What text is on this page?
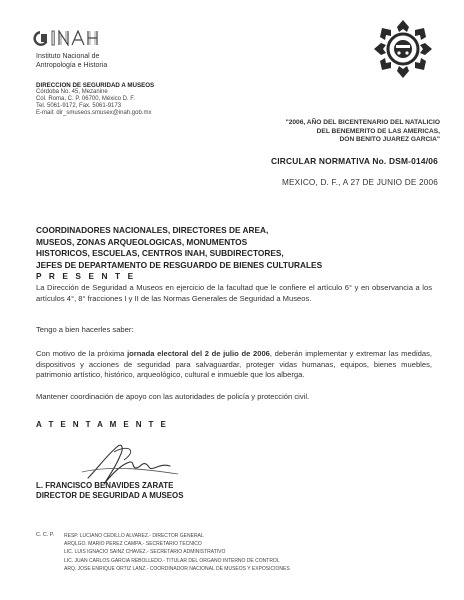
Instituto Nacional de
Antropología e Historia
DIRECCION DE SEGURIDAD A MUSEOS
Córdoba No. 45, Mezanine
Col. Roma, C. P. 06700, México D. F.
Tel. 5061-9172, Fax. 5061-9173
E-mail: dir_smuseos.smusex@inah.gob.mx
"2006, AÑO DEL BICENTENARIO DEL NATALICIO
DEL BENEMERITO DE LAS AMERICAS,
DON BENITO JUAREZ GARCIA"
CIRCULAR NORMATIVA No. DSM-014/06
MEXICO, D. F., A 27 DE JUNIO DE 2006
COORDINADORES NACIONALES, DIRECTORES DE AREA,
MUSEOS, ZONAS ARQUEOLOGICAS, MONUMENTOS
HISTORICOS, ESCUELAS, CENTROS INAH, SUBDIRECTORES,
JEFES DE DEPARTAMENTO DE RESGUARDO DE BIENES CULTURALES
P R E S E N T E
La Dirección de Seguridad a Museos en ejercicio de la facultad que le confiere el artículo 6° y en observancia a los artículos 4°, 8° fracciones I y II de las Normas Generales de Seguridad a Museos.
Tengo a bien hacerles saber:
Con motivo de la próxima jornada electoral del 2 de julio de 2006, deberán implementar y extremar las medidas, dispositivos y acciones de seguridad para salvaguardar, proteger vidas humanas, equipos, bienes muebles, patrimonio artístico, histórico, arqueológico, cultural e inmueble que los alberga.
Mantener coordinación de apoyo con las autoridades de policía y protección civil.
A T E N T A M E N T E
L. FRANCISCO BENAVIDES ZARATE
DIRECTOR DE SEGURIDAD A MUSEOS
C. C. P. RESP. LUCIANO CEDILLO ALVAREZ.- DIRECTOR GENERAL
ARQLGO. MARIO PEREZ CAMPA.- SECRETARIO TECNICO
LIC. LUIS IGNACIO SAINZ CHAVEZ.- SECRETARIO ADMINISTRATIVO
LIC. JUAN CARLOS GARCIA REBOLLEDO.- TITULAR DEL ORGANO INTERNO DE CONTROL
ARQ. JOSE ENRIQUE ORTIZ LANZ.- COORDINADOR NACIONAL DE MUSEOS Y EXPOSICIONES
